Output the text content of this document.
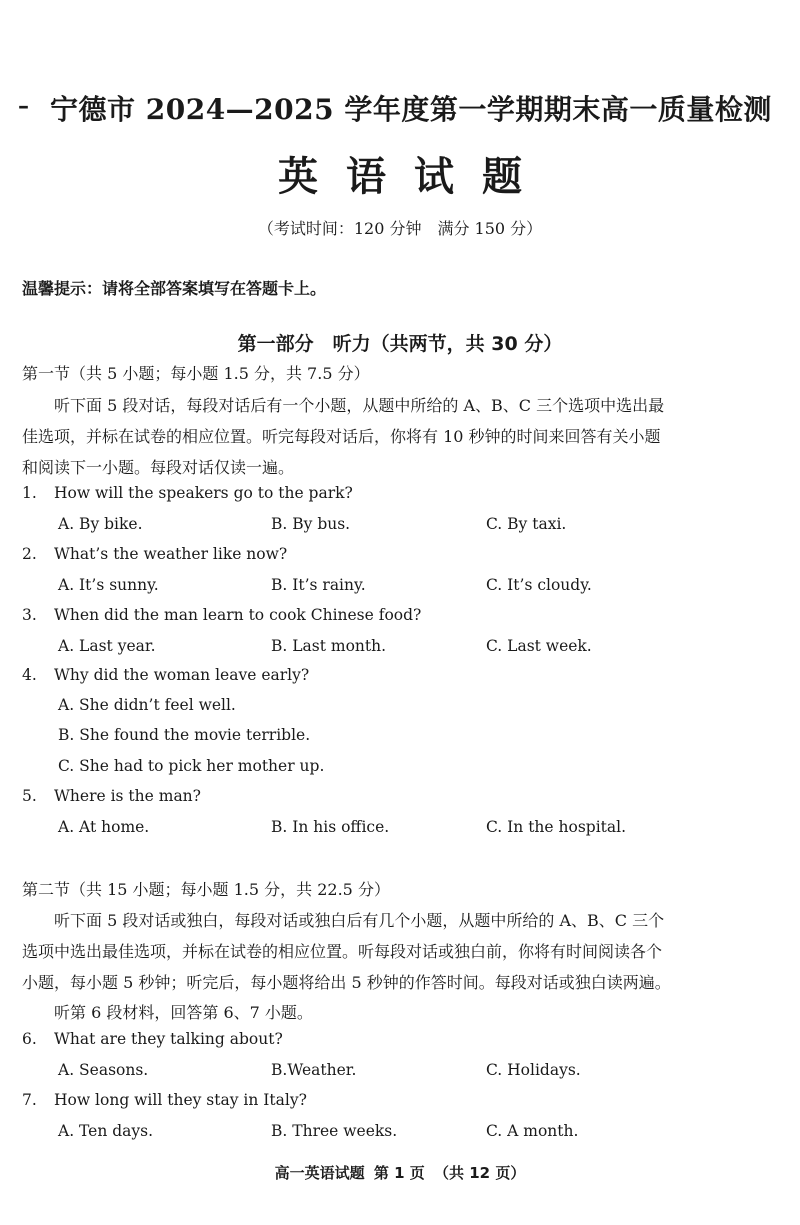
– 宁德市 2024—2025 学年度第一学期期末高一质量检测
英语试题
（考试时间：120 分钟　满分 150 分）
温馨提示：请将全部答案填写在答题卡上。
第一部分　听力（共两节，共 30 分）
第一节（共 5 小题；每小题 1.5 分，共 7.5 分）
　　听下面 5 段对话，每段对话后有一个小题，从题中所给的 A、B、C 三个选项中选出最
佳选项，并标在试卷的相应位置。听完每段对话后，你将有 10 秒钟的时间来回答有关小题
和阅读下一小题。每段对话仅读一遍。
1. How will the speakers go to the park?
A. By bike.	B. By bus.	C. By taxi.
2. What’s the weather like now?
A. It’s sunny.	B. It’s rainy.	C. It’s cloudy.
3. When did the man learn to cook Chinese food?
A. Last year.	B. Last month.	C. Last week.
4. Why did the woman leave early?
A. She didn’t feel well.
B. She found the movie terrible.
C. She had to pick her mother up.
5. Where is the man?
A. At home.	B. In his office.	C. In the hospital.
第二节（共 15 小题；每小题 1.5 分，共 22.5 分）
　　听下面 5 段对话或独白，每段对话或独白后有几个小题，从题中所给的 A、B、C 三个
选项中选出最佳选项，并标在试卷的相应位置。听每段对话或独白前，你将有时间阅读各个
小题，每小题 5 秒钟；听完后，每小题将给出 5 秒钟的作答时间。每段对话或独白读两遍。
　　听第 6 段材料，回答第 6、7 小题。
6. What are they talking about?
A. Seasons.	B.Weather.	C. Holidays.
7. How long will they stay in Italy?
A. Ten days.	B. Three weeks.	C. A month.
高一英语试题 第 1 页 （共 12 页）
